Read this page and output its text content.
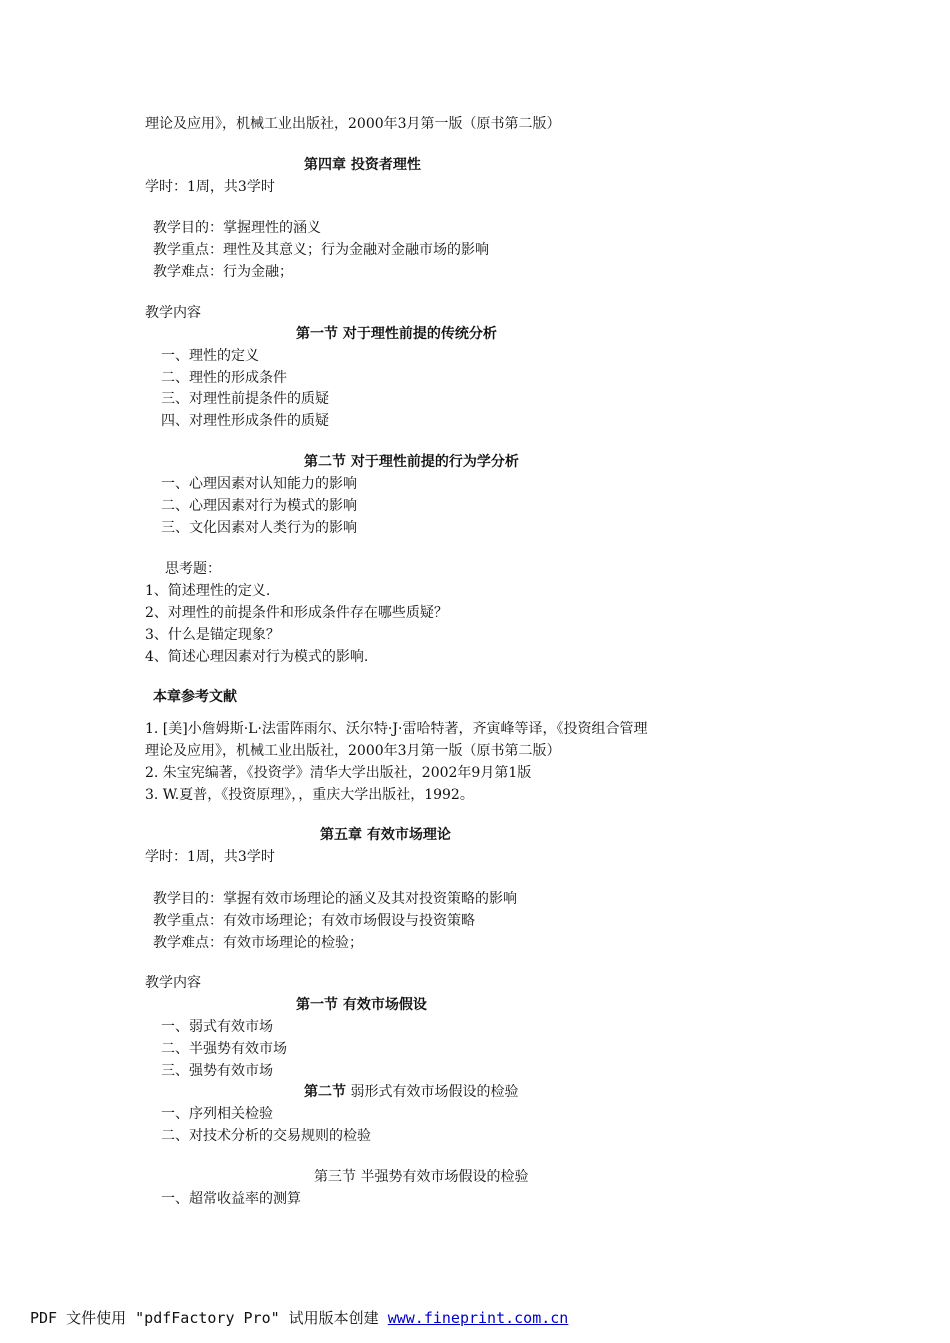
理论及应用》，机械工业出版社，2000年3月第一版（原书第二版）
第四章 投资者理性
学时：1周，共3学时
教学目的：掌握理性的涵义
教学重点：理性及其意义；行为金融对金融市场的影响
教学难点：行为金融；
教学内容
第一节 对于理性前提的传统分析
一、理性的定义
二、理性的形成条件
三、对理性前提条件的质疑
四、对理性形成条件的质疑
第二节 对于理性前提的行为学分析
一、心理因素对认知能力的影响
二、心理因素对行为模式的影响
三、文化因素对人类行为的影响
思考题：
1、简述理性的定义.
2、对理性的前提条件和形成条件存在哪些质疑？
3、什么是锚定现象？
4、简述心理因素对行为模式的影响.
本章参考文献
1. [美]小詹姆斯·L·法雷阵雨尔、沃尔特·J·雷哈特著，齐寅峰等译，《投资组合管理
理论及应用》，机械工业出版社，2000年3月第一版（原书第二版）
2. 朱宝宪编著，《投资学》清华大学出版社，2002年9月第1版
3. W.夏普，《投资原理》，，重庆大学出版社，1992。
第五章 有效市场理论
学时：1周，共3学时
教学目的：掌握有效市场理论的涵义及其对投资策略的影响
教学重点：有效市场理论；有效市场假设与投资策略
教学难点：有效市场理论的检验；
教学内容
第一节 有效市场假设
一、弱式有效市场
二、半强势有效市场
三、强势有效市场
第二节 弱形式有效市场假设的检验
一、序列相关检验
二、对技术分析的交易规则的检验
第三节 半强势有效市场假设的检验
一、超常收益率的测算
PDF 文件使用 "pdfFactory Pro" 试用版本创建 www.fineprint.com.cn
